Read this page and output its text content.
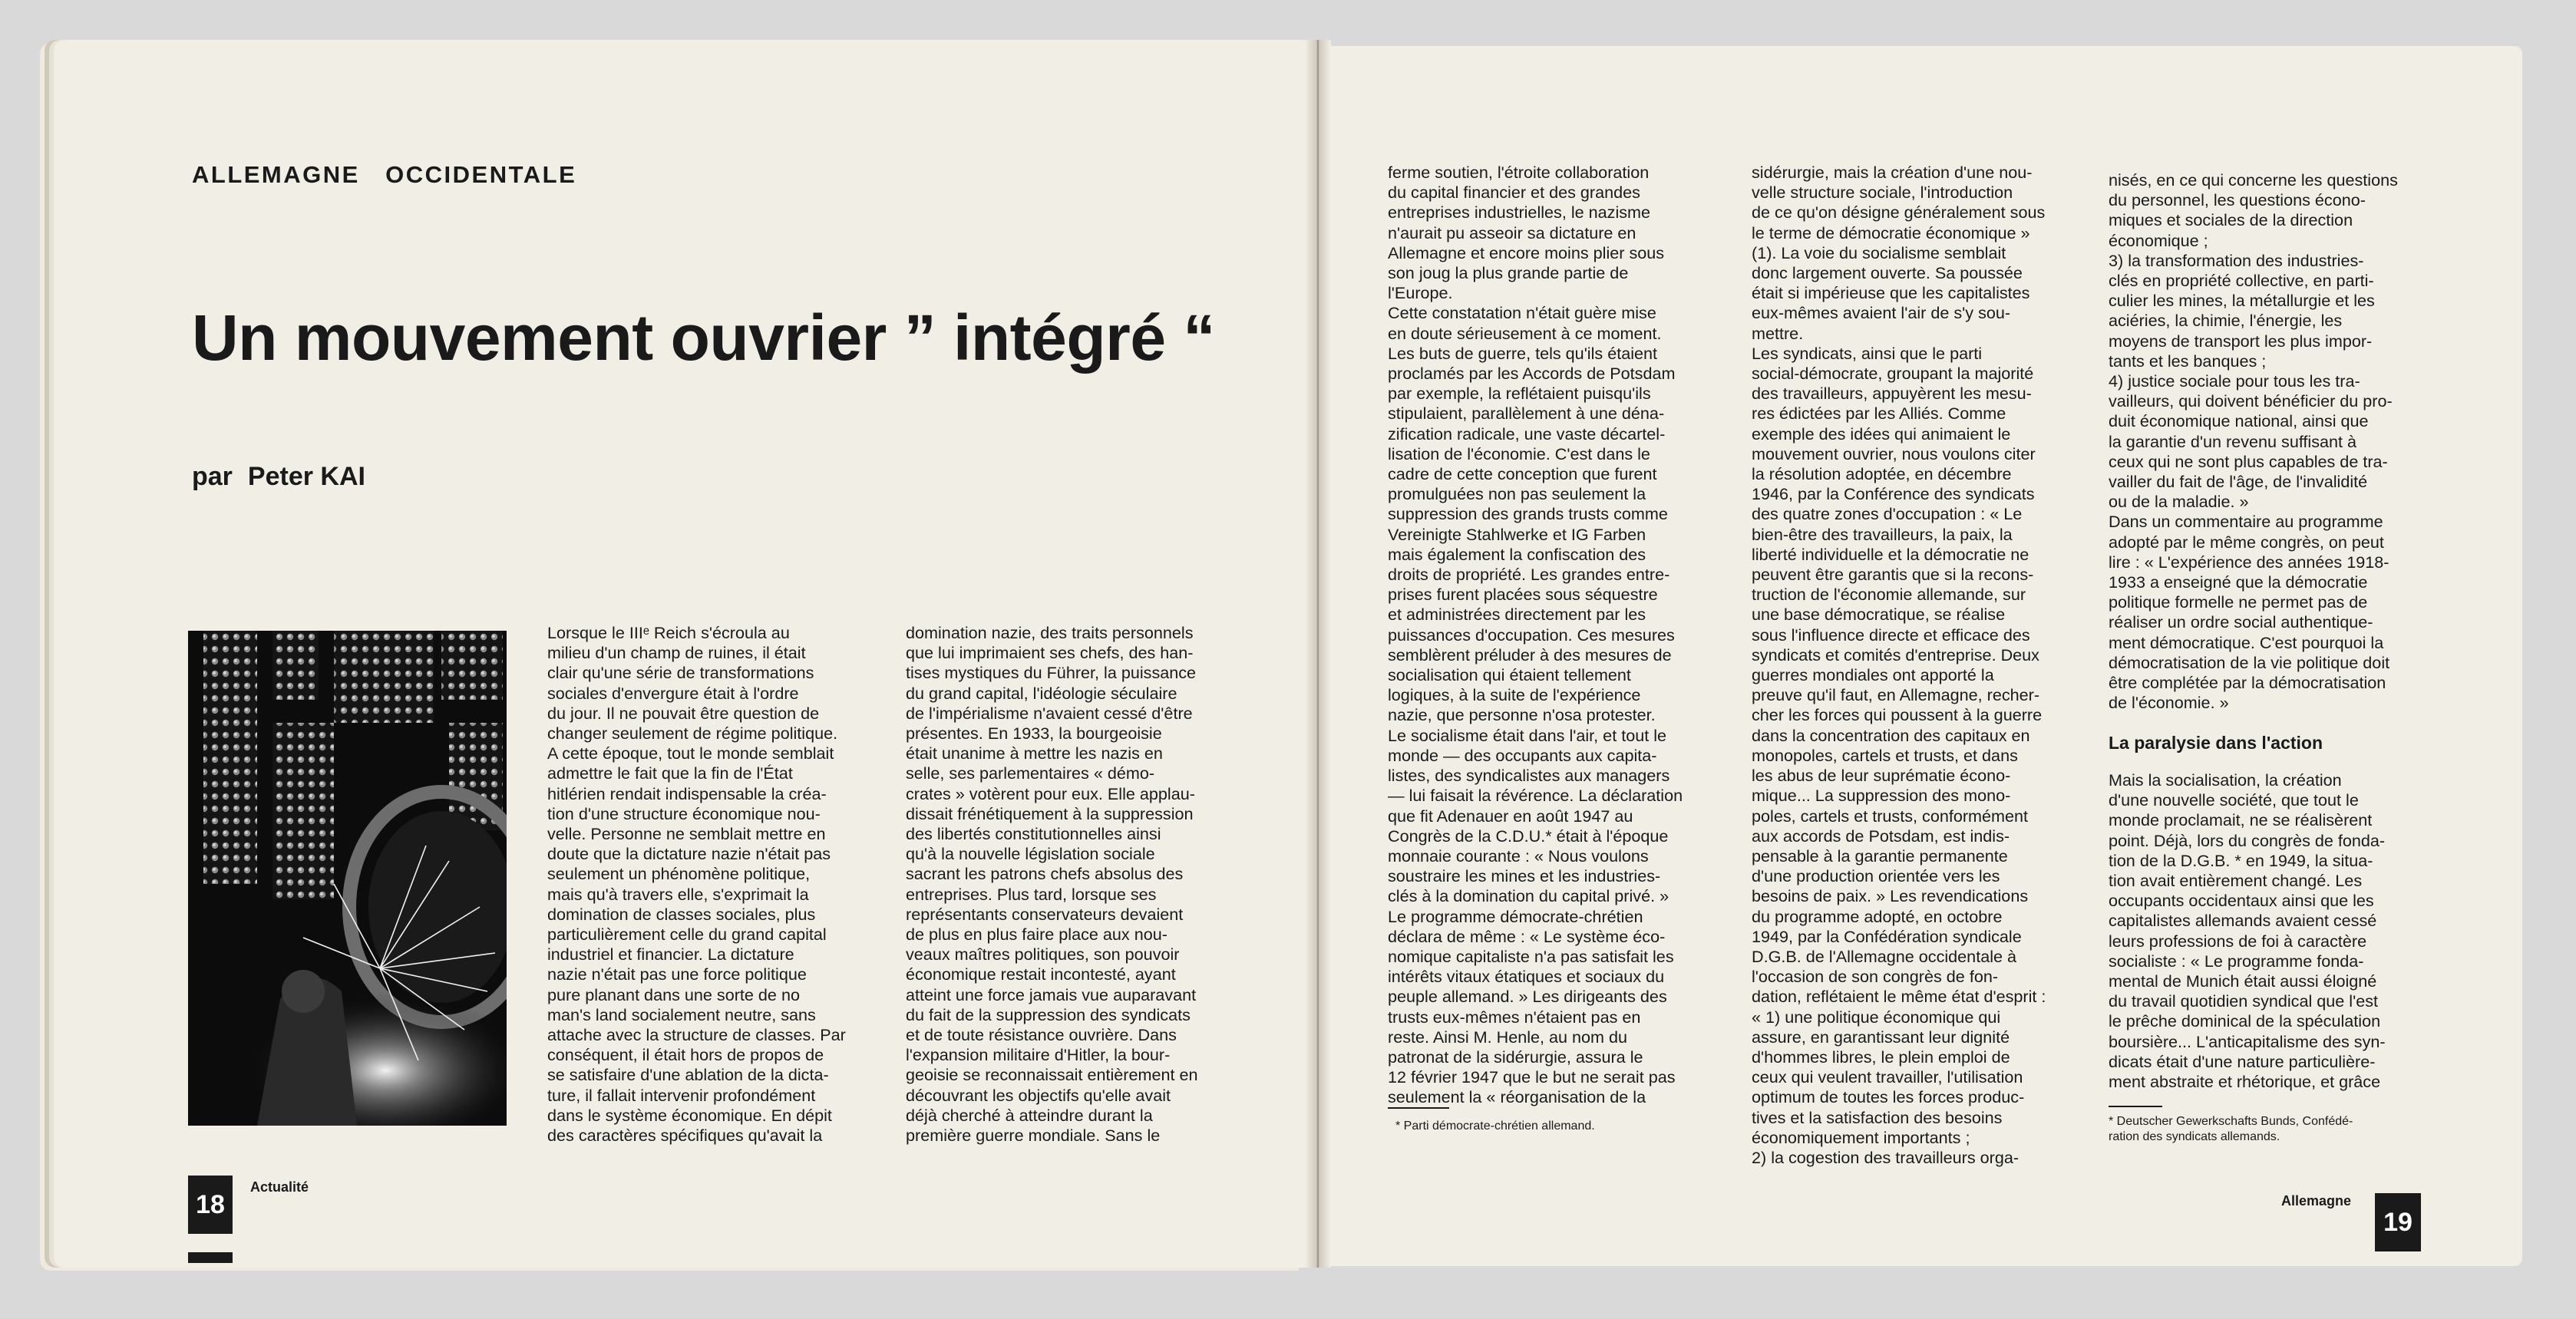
ALLEMAGNE   OCCIDENTALE
Un mouvement ouvrier ” intégré “
par Peter KAI
Lorsque le IIIᵉ Reich s'écroula au
milieu d'un champ de ruines, il était
clair qu'une série de transformations
sociales d'envergure était à l'ordre
du jour. Il ne pouvait être question de
changer seulement de régime politique.
A cette époque, tout le monde semblait
admettre le fait que la fin de l'État
hitlérien rendait indispensable la créa-
tion d'une structure économique nou-
velle. Personne ne semblait mettre en
doute que la dictature nazie n'était pas
seulement un phénomène politique,
mais qu'à travers elle, s'exprimait la
domination de classes sociales, plus
particulièrement celle du grand capital
industriel et financier. La dictature
nazie n'était pas une force politique
pure planant dans une sorte de no
man's land socialement neutre, sans
attache avec la structure de classes. Par
conséquent, il était hors de propos de
se satisfaire d'une ablation de la dicta-
ture, il fallait intervenir profondément
dans le système économique. En dépit
des caractères spécifiques qu'avait la
domination nazie, des traits personnels
que lui imprimaient ses chefs, des han-
tises mystiques du Führer, la puissance
du grand capital, l'idéologie séculaire
de l'impérialisme n'avaient cessé d'être
présentes. En 1933, la bourgeoisie
était unanime à mettre les nazis en
selle, ses parlementaires « démo-
crates » votèrent pour eux. Elle applau-
dissait frénétiquement à la suppression
des libertés constitutionnelles ainsi
qu'à la nouvelle législation sociale
sacrant les patrons chefs absolus des
entreprises. Plus tard, lorsque ses
représentants conservateurs devaient
de plus en plus faire place aux nou-
veaux maîtres politiques, son pouvoir
économique restait incontesté, ayant
atteint une force jamais vue auparavant
du fait de la suppression des syndicats
et de toute résistance ouvrière. Dans
l'expansion militaire d'Hitler, la bour-
geoisie se reconnaissait entièrement en
découvrant les objectifs qu'elle avait
déjà cherché à atteindre durant la
première guerre mondiale. Sans le
18
Actualité
ferme soutien, l'étroite collaboration
du capital financier et des grandes
entreprises industrielles, le nazisme
n'aurait pu asseoir sa dictature en
Allemagne et encore moins plier sous
son joug la plus grande partie de
l'Europe.
Cette constatation n'était guère mise
en doute sérieusement à ce moment.
Les buts de guerre, tels qu'ils étaient
proclamés par les Accords de Potsdam
par exemple, la reflétaient puisqu'ils
stipulaient, parallèlement à une déna-
zification radicale, une vaste décartel-
lisation de l'économie. C'est dans le
cadre de cette conception que furent
promulguées non pas seulement la
suppression des grands trusts comme
Vereinigte Stahlwerke et IG Farben
mais également la confiscation des
droits de propriété. Les grandes entre-
prises furent placées sous séquestre
et administrées directement par les
puissances d'occupation. Ces mesures
semblèrent préluder à des mesures de
socialisation qui étaient tellement
logiques, à la suite de l'expérience
nazie, que personne n'osa protester.
Le socialisme était dans l'air, et tout le
monde — des occupants aux capita-
listes, des syndicalistes aux managers
— lui faisait la révérence. La déclaration
que fit Adenauer en août 1947 au
Congrès de la C.D.U.* était à l'époque
monnaie courante : « Nous voulons
soustraire les mines et les industries-
clés à la domination du capital privé. »
Le programme démocrate-chrétien
déclara de même : « Le système éco-
nomique capitaliste n'a pas satisfait les
intérêts vitaux étatiques et sociaux du
peuple allemand. » Les dirigeants des
trusts eux-mêmes n'étaient pas en
reste. Ainsi M. Henle, au nom du
patronat de la sidérurgie, assura le
12 février 1947 que le but ne serait pas
seulement la « réorganisation de la
* Parti démocrate-chrétien allemand.
sidérurgie, mais la création d'une nou-
velle structure sociale, l'introduction
de ce qu'on désigne généralement sous
le terme de démocratie économique »
(1). La voie du socialisme semblait
donc largement ouverte. Sa poussée
était si impérieuse que les capitalistes
eux-mêmes avaient l'air de s'y sou-
mettre.
Les syndicats, ainsi que le parti
social-démocrate, groupant la majorité
des travailleurs, appuyèrent les mesu-
res édictées par les Alliés. Comme
exemple des idées qui animaient le
mouvement ouvrier, nous voulons citer
la résolution adoptée, en décembre
1946, par la Conférence des syndicats
des quatre zones d'occupation : « Le
bien-être des travailleurs, la paix, la
liberté individuelle et la démocratie ne
peuvent être garantis que si la recons-
truction de l'économie allemande, sur
une base démocratique, se réalise
sous l'influence directe et efficace des
syndicats et comités d'entreprise. Deux
guerres mondiales ont apporté la
preuve qu'il faut, en Allemagne, recher-
cher les forces qui poussent à la guerre
dans la concentration des capitaux en
monopoles, cartels et trusts, et dans
les abus de leur suprématie écono-
mique... La suppression des mono-
poles, cartels et trusts, conformément
aux accords de Potsdam, est indis-
pensable à la garantie permanente
d'une production orientée vers les
besoins de paix. » Les revendications
du programme adopté, en octobre
1949, par la Confédération syndicale
D.G.B. de l'Allemagne occidentale à
l'occasion de son congrès de fon-
dation, reflétaient le même état d'esprit :
« 1) une politique économique qui
assure, en garantissant leur dignité
d'hommes libres, le plein emploi de
ceux qui veulent travailler, l'utilisation
optimum de toutes les forces produc-
tives et la satisfaction des besoins
économiquement importants ;
2) la cogestion des travailleurs orga-
nisés, en ce qui concerne les questions
du personnel, les questions écono-
miques et sociales de la direction
économique ;
3) la transformation des industries-
clés en propriété collective, en parti-
culier les mines, la métallurgie et les
aciéries, la chimie, l'énergie, les
moyens de transport les plus impor-
tants et les banques ;
4) justice sociale pour tous les tra-
vailleurs, qui doivent bénéficier du pro-
duit économique national, ainsi que
la garantie d'un revenu suffisant à
ceux qui ne sont plus capables de tra-
vailler du fait de l'âge, de l'invalidité
ou de la maladie. »
Dans un commentaire au programme
adopté par le même congrès, on peut
lire : « L'expérience des années 1918-
1933 a enseigné que la démocratie
politique formelle ne permet pas de
réaliser un ordre social authentique-
ment démocratique. C'est pourquoi la
démocratisation de la vie politique doit
être complétée par la démocratisation
de l'économie. »
La paralysie dans l'action
Mais la socialisation, la création
d'une nouvelle société, que tout le
monde proclamait, ne se réalisèrent
point. Déjà, lors du congrès de fonda-
tion de la D.G.B. * en 1949, la situa-
tion avait entièrement changé. Les
occupants occidentaux ainsi que les
capitalistes allemands avaient cessé
leurs professions de foi à caractère
socialiste : « Le programme fonda-
mental de Munich était aussi éloigné
du travail quotidien syndical que l'est
le prêche dominical de la spéculation
boursière... L'anticapitalisme des syn-
dicats était d'une nature particulière-
ment abstraite et rhétorique, et grâce
* Deutscher Gewerkschafts Bunds, Confédé-
ration des syndicats allemands.
Allemagne
19
